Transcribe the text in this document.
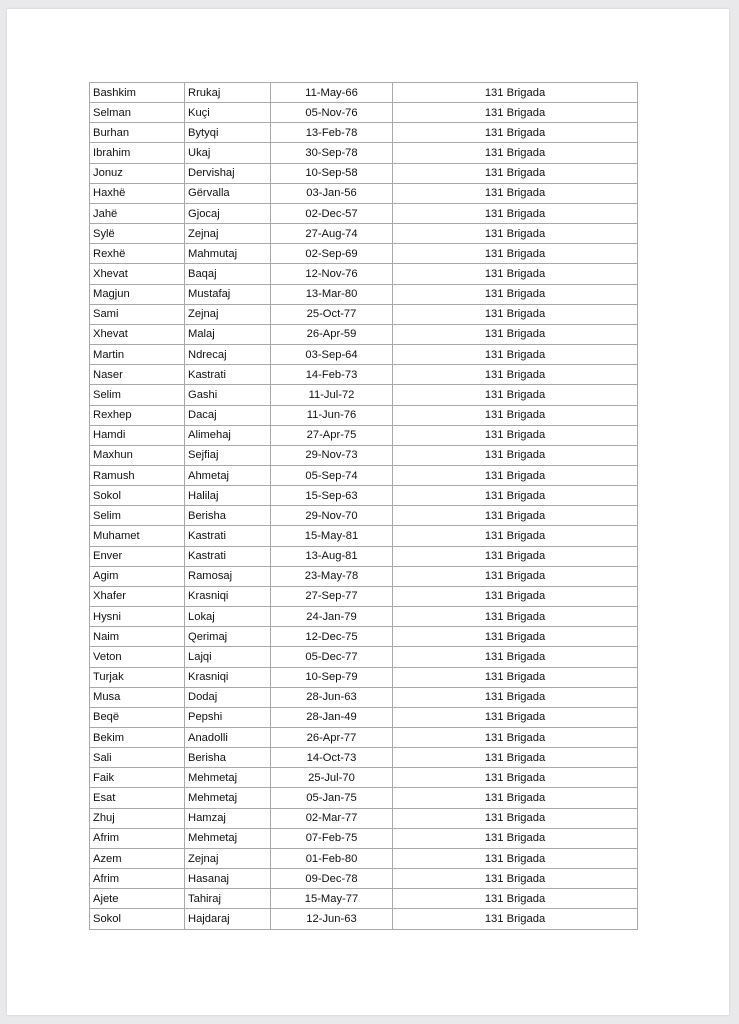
Bashkim	Rrukaj	11-May-66	131 Brigada
Selman	Kuçi	05-Nov-76	131 Brigada
Burhan	Bytyqi	13-Feb-78	131 Brigada
Ibrahim	Ukaj	30-Sep-78	131 Brigada
Jonuz	Dervishaj	10-Sep-58	131 Brigada
Haxhë	Gërvalla	03-Jan-56	131 Brigada
Jahë	Gjocaj	02-Dec-57	131 Brigada
Sylë	Zejnaj	27-Aug-74	131 Brigada
Rexhë	Mahmutaj	02-Sep-69	131 Brigada
Xhevat	Baqaj	12-Nov-76	131 Brigada
Magjun	Mustafaj	13-Mar-80	131 Brigada
Sami	Zejnaj	25-Oct-77	131 Brigada
Xhevat	Malaj	26-Apr-59	131 Brigada
Martin	Ndrecaj	03-Sep-64	131 Brigada
Naser	Kastrati	14-Feb-73	131 Brigada
Selim	Gashi	11-Jul-72	131 Brigada
Rexhep	Dacaj	11-Jun-76	131 Brigada
Hamdi	Alimehaj	27-Apr-75	131 Brigada
Maxhun	Sejfiaj	29-Nov-73	131 Brigada
Ramush	Ahmetaj	05-Sep-74	131 Brigada
Sokol	Halilaj	15-Sep-63	131 Brigada
Selim	Berisha	29-Nov-70	131 Brigada
Muhamet	Kastrati	15-May-81	131 Brigada
Enver	Kastrati	13-Aug-81	131 Brigada
Agim	Ramosaj	23-May-78	131 Brigada
Xhafer	Krasniqi	27-Sep-77	131 Brigada
Hysni	Lokaj	24-Jan-79	131 Brigada
Naim	Qerimaj	12-Dec-75	131 Brigada
Veton	Lajqi	05-Dec-77	131 Brigada
Turjak	Krasniqi	10-Sep-79	131 Brigada
Musa	Dodaj	28-Jun-63	131 Brigada
Beqë	Pepshi	28-Jan-49	131 Brigada
Bekim	Anadolli	26-Apr-77	131 Brigada
Sali	Berisha	14-Oct-73	131 Brigada
Faik	Mehmetaj	25-Jul-70	131 Brigada
Esat	Mehmetaj	05-Jan-75	131 Brigada
Zhuj	Hamzaj	02-Mar-77	131 Brigada
Afrim	Mehmetaj	07-Feb-75	131 Brigada
Azem	Zejnaj	01-Feb-80	131 Brigada
Afrim	Hasanaj	09-Dec-78	131 Brigada
Ajete	Tahiraj	15-May-77	131 Brigada
Sokol	Hajdaraj	12-Jun-63	131 Brigada
